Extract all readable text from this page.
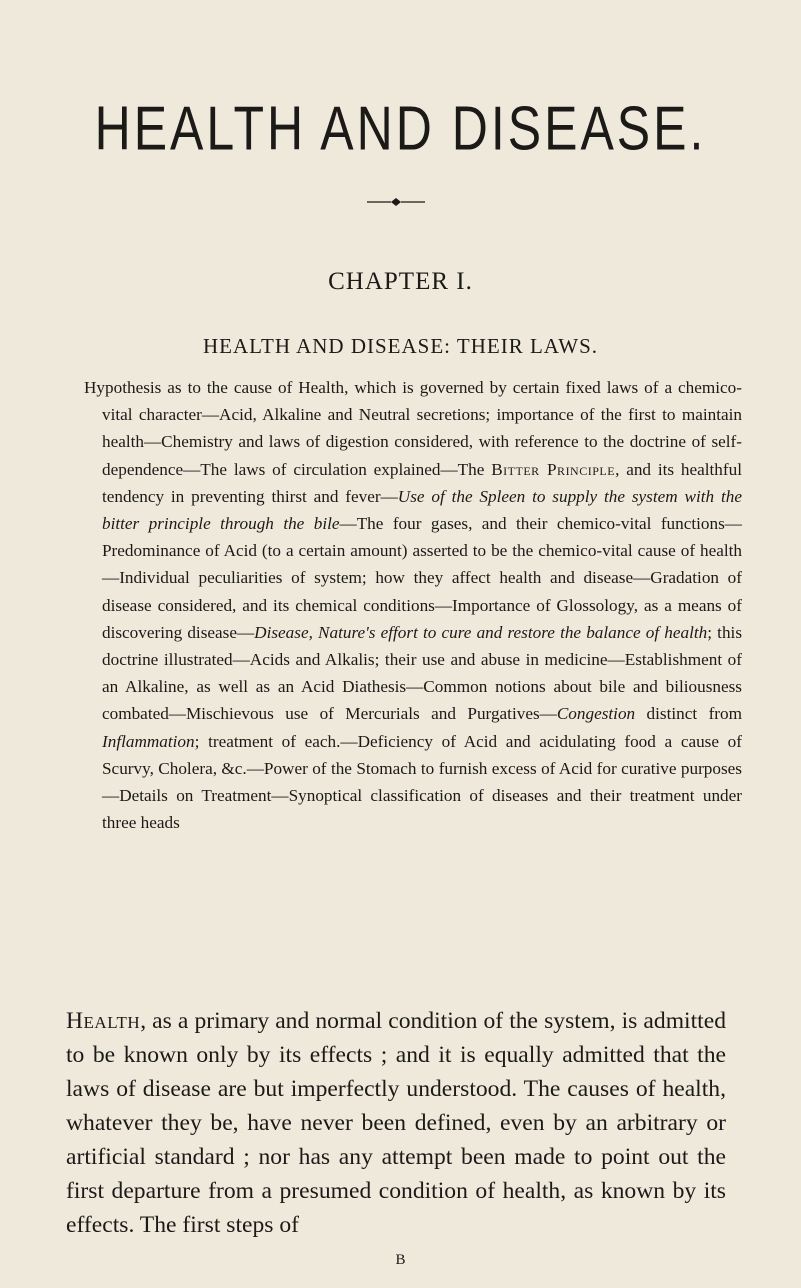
HEALTH AND DISEASE.
CHAPTER I.
HEALTH AND DISEASE: THEIR LAWS.

Hypothesis as to the cause of Health, which is governed by certain fixed laws of a chemico-vital character—Acid, Alkaline and Neutral secretions; importance of the first to maintain health—Chemistry and laws of digestion considered, with reference to the doctrine of self-dependence—The laws of circulation explained—The Bitter Principle, and its healthful tendency in preventing thirst and fever—Use of the Spleen to supply the system with the bitter principle through the bile—The four gases, and their chemico-vital functions—Predominance of Acid (to a certain amount) asserted to be the chemico-vital cause of health—Individual peculiarities of system; how they affect health and disease—Gradation of disease considered, and its chemical conditions—Importance of Glossology, as a means of discovering disease—Disease, Nature's effort to cure and restore the balance of health; this doctrine illustrated—Acids and Alkalis; their use and abuse in medicine—Establishment of an Alkaline, as well as an Acid Diathesis—Common notions about bile and biliousness combated—Mischievous use of Mercurials and Purgatives—Congestion distinct from Inflammation; treatment of each.—Deficiency of Acid and acidulating food a cause of Scurvy, Cholera, &c.—Power of the Stomach to furnish excess of Acid for curative purposes—Details on Treatment—Synoptical classification of diseases and their treatment under three heads

Health, as a primary and normal condition of the system, is admitted to be known only by its effects ; and it is equally admitted that the laws of disease are but imperfectly understood. The causes of health, whatever they be, have never been defined, even by an arbitrary or artificial standard ; nor has any attempt been made to point out the first departure from a presumed condition of health, as known by its effects. The first steps of

B
